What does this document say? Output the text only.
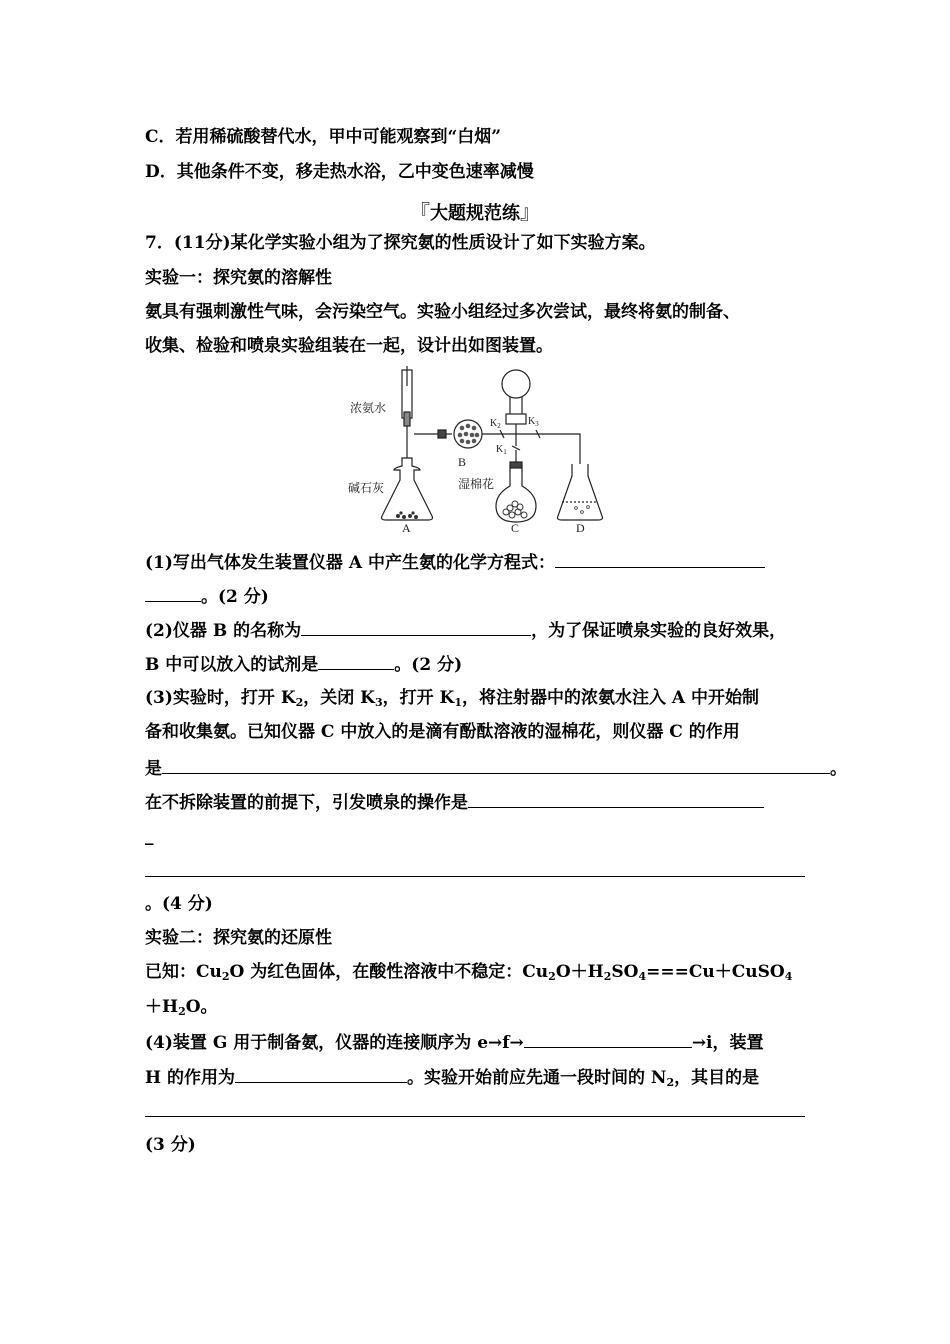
C．若用稀硫酸替代水，甲中可能观察到“白烟”
D．其他条件不变，移走热水浴，乙中变色速率减慢
『大题规范练』
7．(11分)某化学实验小组为了探究氨的性质设计了如下实验方案。
实验一：探究氨的溶解性
氨具有强刺激性气味，会污染空气。实验小组经过多次尝试，最终将氨的制备、
收集、检验和喷泉实验组装在一起，设计出如图装置。
浓氨水
碱石灰
B
湿棉花
A	C	D
$K_2$	$K_3$
$K_1$
(1)写出气体发生装置仪器 A 中产生氨的化学方程式：
。(2 分)
(2)仪器 B 的名称为	，为了保证喷泉实验的良好效果，
B 中可以放入的试剂是	。(2 分)
(3)实验时，打开 $K_2$，关闭 $K_3$，打开 $K_1$，将注射器中的浓氨水注入 A 中开始制
备和收集氨。已知仪器 C 中放入的是滴有酚酞溶液的湿棉花，则仪器 C 的作用
是	。
在不拆除装置的前提下，引发喷泉的操作是
_
。(4 分)
实验二：探究氨的还原性
已知：$Cu_2O$ 为红色固体，在酸性溶液中不稳定：$Cu_2O+H_2SO_4===Cu+CuSO_4$
$+H_2O$。
(4)装置 G 用于制备氨，仪器的连接顺序为 e→f→	→i，装置
H 的作用为	。实验开始前应先通一段时间的 $N_2$，其目的是
(3 分)
